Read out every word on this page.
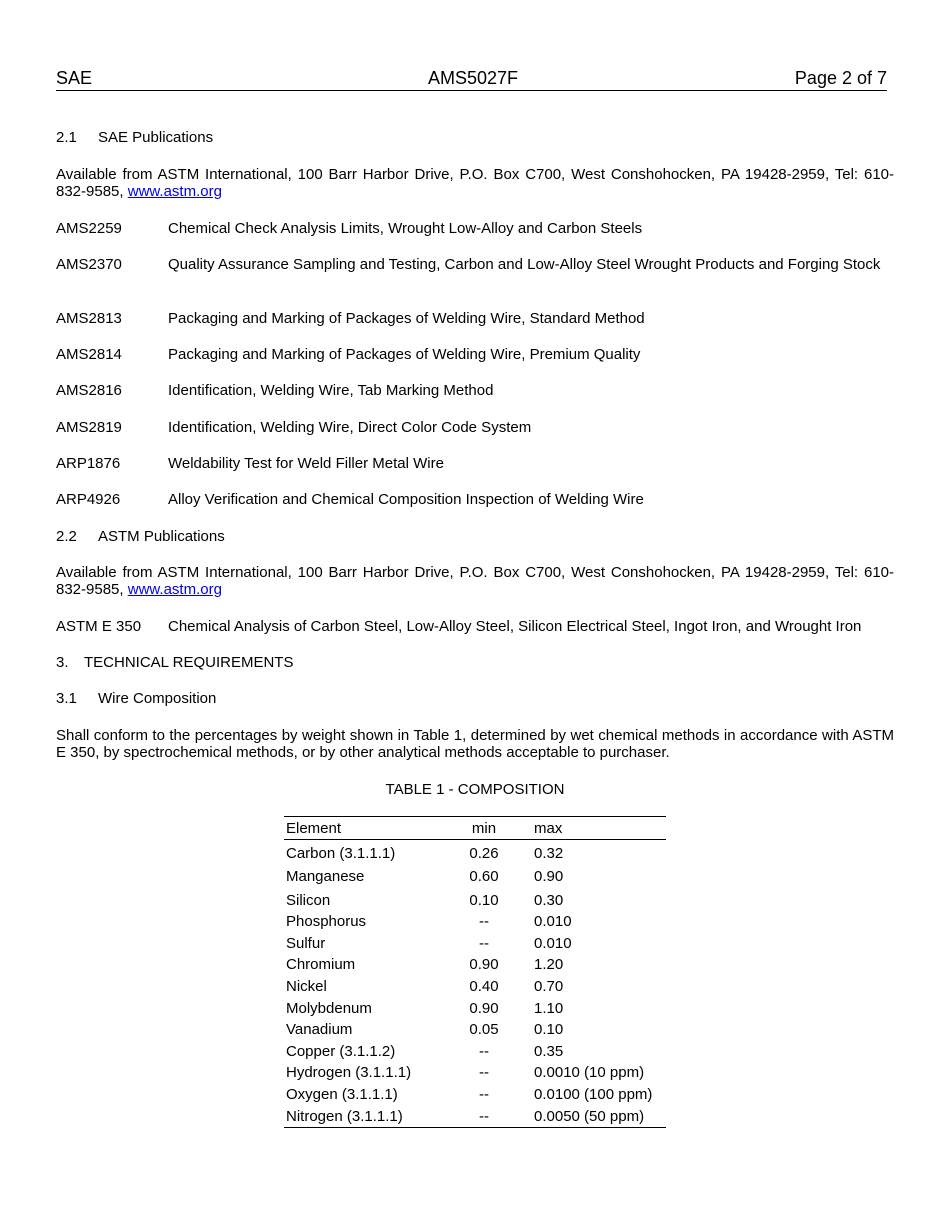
SAE	AMS5027F	Page 2 of 7
2.1 SAE Publications
Available from ASTM International, 100 Barr Harbor Drive, P.O. Box C700, West Conshohocken, PA 19428-2959, Tel: 610-832-9585, www.astm.org
AMS2259	Chemical Check Analysis Limits, Wrought Low-Alloy and Carbon Steels
AMS2370	Quality Assurance Sampling and Testing, Carbon and Low-Alloy Steel Wrought Products and Forging Stock
AMS2813	Packaging and Marking of Packages of Welding Wire, Standard Method
AMS2814	Packaging and Marking of Packages of Welding Wire, Premium Quality
AMS2816	Identification, Welding Wire, Tab Marking Method
AMS2819	Identification, Welding Wire, Direct Color Code System
ARP1876	Weldability Test for Weld Filler Metal Wire
ARP4926	Alloy Verification and Chemical Composition Inspection of Welding Wire
2.2 ASTM Publications
Available from ASTM International, 100 Barr Harbor Drive, P.O. Box C700, West Conshohocken, PA 19428-2959, Tel: 610-832-9585, www.astm.org
ASTM E 350 Chemical Analysis of Carbon Steel, Low-Alloy Steel, Silicon Electrical Steel, Ingot Iron, and Wrought Iron
3. TECHNICAL REQUIREMENTS
3.1 Wire Composition
Shall conform to the percentages by weight shown in Table 1, determined by wet chemical methods in accordance with ASTM E 350, by spectrochemical methods, or by other analytical methods acceptable to purchaser.
TABLE 1 - COMPOSITION
Element	min		max
Carbon (3.1.1.1)	0.26		0.32
Manganese	0.60		0.90
Silicon	0.10		0.30
Phosphorus	--		0.010
Sulfur	--		0.010
Chromium	0.90		1.20
Nickel	0.40		0.70
Molybdenum	0.90		1.10
Vanadium	0.05		0.10
Copper (3.1.1.2)	--		0.35
Hydrogen (3.1.1.1)	--		0.0010 (10 ppm)
Oxygen (3.1.1.1)	--		0.0100 (100 ppm)
Nitrogen (3.1.1.1)	--		0.0050 (50 ppm)
